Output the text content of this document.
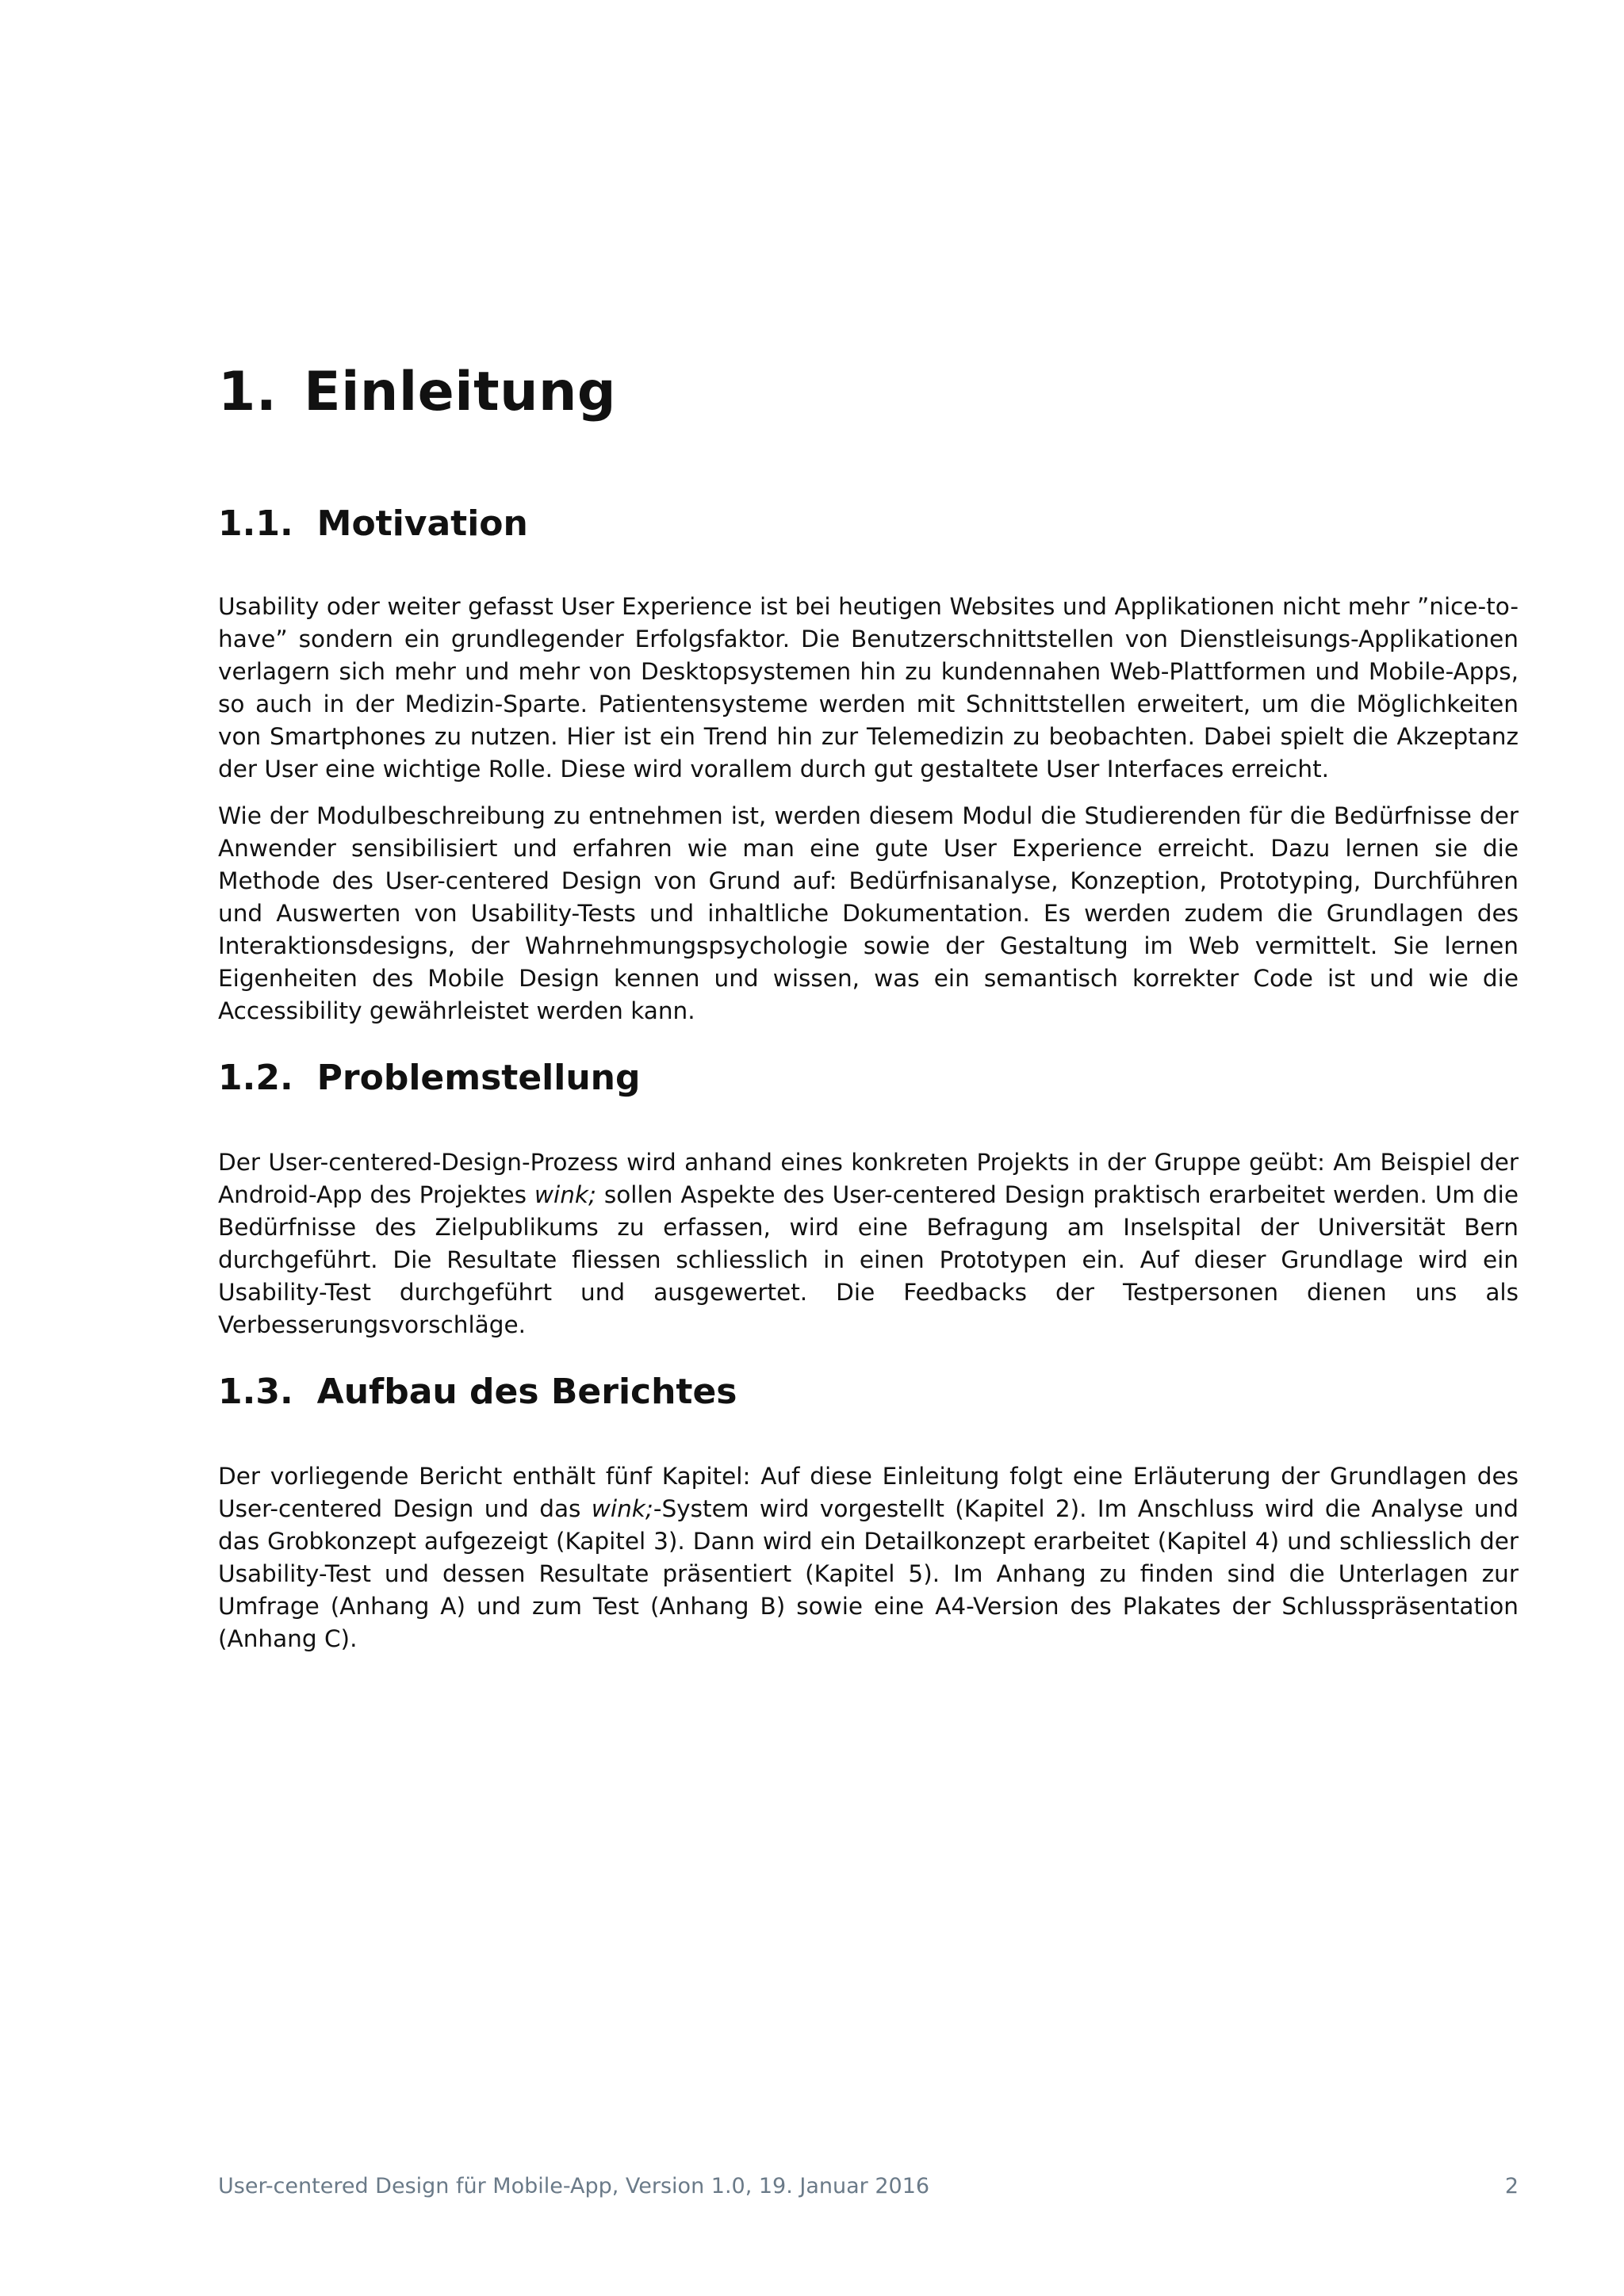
1. Einleitung
1.1. Motivation

Usability oder weiter gefasst User Experience ist bei heutigen Websites und Applikationen nicht mehr ”nice-to-have” sondern ein grundlegender Erfolgsfaktor. Die Benutzerschnittstellen von Dienstleisungs-Applikationen verlagern sich mehr und mehr von Desktopsystemen hin zu kundennahen Web-Plattformen und Mobile-Apps, so auch in der Medizin-Sparte. Patientensysteme werden mit Schnittstellen erweitert, um die Möglichkeiten von Smartphones zu nutzen. Hier ist ein Trend hin zur Telemedizin zu beobachten. Dabei spielt die Akzeptanz der User eine wichtige Rolle. Diese wird vorallem durch gut gestaltete User Interfaces erreicht.

Wie der Modulbeschreibung zu entnehmen ist, werden diesem Modul die Studierenden für die Bedürfnisse der Anwender sensibilisiert und erfahren wie man eine gute User Experience erreicht. Dazu lernen sie die Methode des User-centered Design von Grund auf: Bedürfnisanalyse, Konzeption, Prototyping, Durchführen und Auswerten von Usability-Tests und inhaltliche Dokumentation. Es werden zudem die Grundlagen des Interaktionsdesigns, der Wahrnehmungspsychologie sowie der Gestaltung im Web vermittelt. Sie lernen Eigenheiten des Mobile Design kennen und wissen, was ein semantisch korrekter Code ist und wie die Accessibility gewährleistet werden kann.

1.2. Problemstellung

Der User-centered-Design-Prozess wird anhand eines konkreten Projekts in der Gruppe geübt: Am Beispiel der Android-App des Projektes wink; sollen Aspekte des User-centered Design praktisch erarbeitet werden. Um die Bedürfnisse des Zielpublikums zu erfassen, wird eine Befragung am Inselspital der Universität Bern durchgeführt. Die Resultate fliessen schliesslich in einen Prototypen ein. Auf dieser Grundlage wird ein Usability-Test durchgeführt und ausgewertet. Die Feedbacks der Testpersonen dienen uns als Verbesserungsvorschläge.

1.3. Aufbau des Berichtes

Der vorliegende Bericht enthält fünf Kapitel: Auf diese Einleitung folgt eine Erläuterung der Grundlagen des User-centered Design und das wink;-System wird vorgestellt (Kapitel 2). Im Anschluss wird die Analyse und das Grobkonzept aufgezeigt (Kapitel 3). Dann wird ein Detailkonzept erarbeitet (Kapitel 4) und schliesslich der Usability-Test und dessen Resultate präsentiert (Kapitel 5). Im Anhang zu finden sind die Unterlagen zur Umfrage (Anhang A) und zum Test (Anhang B) sowie eine A4-Version des Plakates der Schlusspräsentation (Anhang C).

User-centered Design für Mobile-App, Version 1.0, 19. Januar 2016	2
